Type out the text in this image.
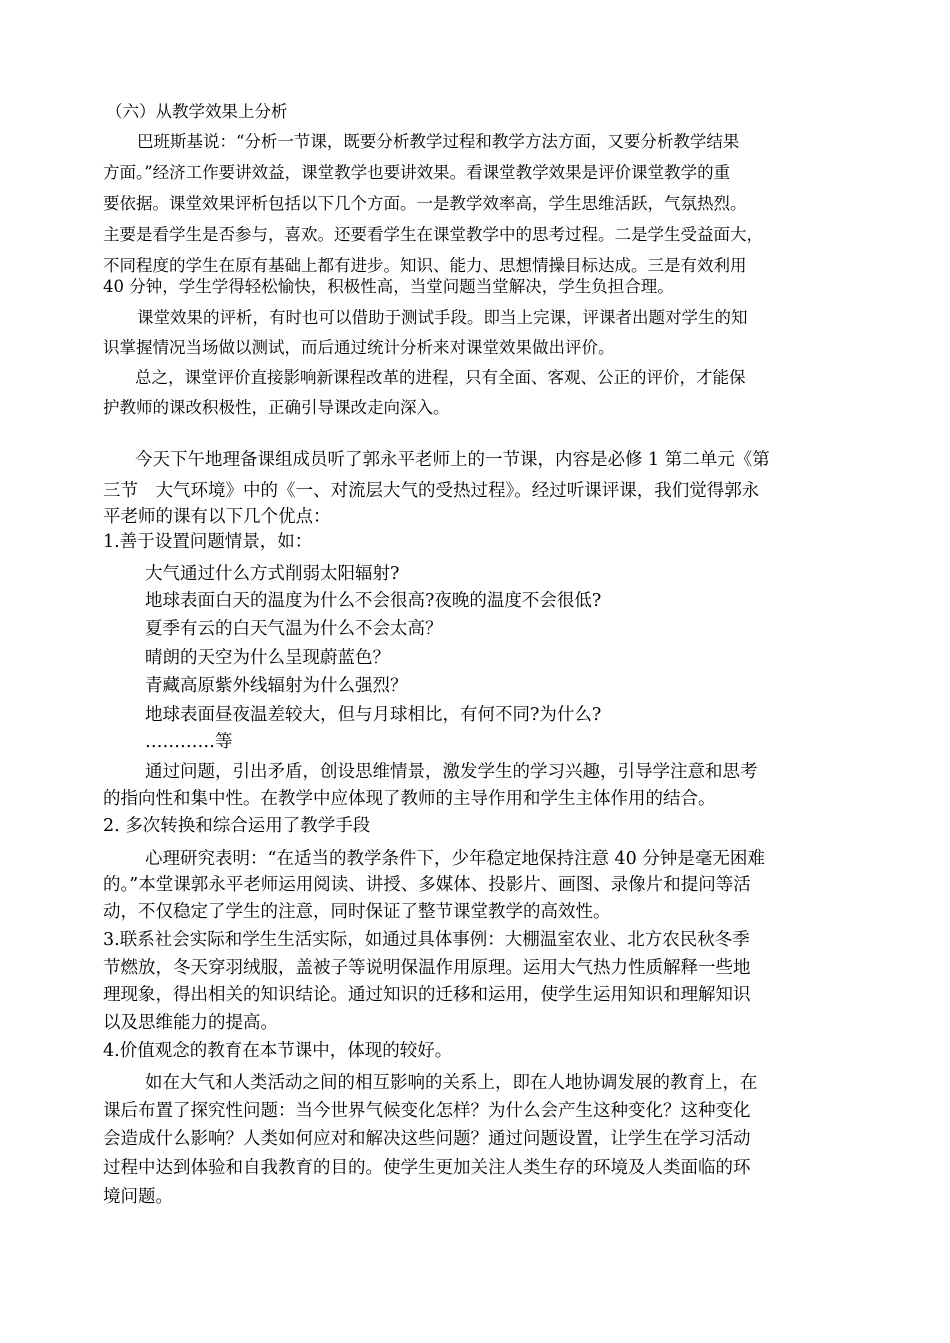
（六）从教学效果上分析
巴班斯基说：“分析一节课，既要分析教学过程和教学方法方面，又要分析教学结果
方面。”经济工作要讲效益，课堂教学也要讲效果。看课堂教学效果是评价课堂教学的重
要依据。课堂效果评析包括以下几个方面。一是教学效率高，学生思维活跃，气氛热烈。
主要是看学生是否参与，喜欢。还要看学生在课堂教学中的思考过程。二是学生受益面大，
不同程度的学生在原有基础上都有进步。知识、能力、思想情操目标达成。三是有效利用
40 分钟，学生学得轻松愉快，积极性高，当堂问题当堂解决，学生负担合理。
课堂效果的评析，有时也可以借助于测试手段。即当上完课，评课者出题对学生的知
识掌握情况当场做以测试，而后通过统计分析来对课堂效果做出评价。
总之，课堂评价直接影响新课程改革的进程，只有全面、客观、公正的评价，才能保
护教师的课改积极性，正确引导课改走向深入。
今天下午地理备课组成员听了郭永平老师上的一节课，内容是必修 1 第二单元《第
三节　大气环境》中的《一、对流层大气的受热过程》。经过听课评课，我们觉得郭永
平老师的课有以下几个优点：
1.善于设置问题情景，如：
大气通过什么方式削弱太阳辐射?
地球表面白天的温度为什么不会很高?夜晚的温度不会很低?
夏季有云的白天气温为什么不会太高？
晴朗的天空为什么呈现蔚蓝色？
青藏高原紫外线辐射为什么强烈？
地球表面昼夜温差较大，但与月球相比，有何不同?为什么?
…………等
通过问题，引出矛盾，创设思维情景，激发学生的学习兴趣，引导学注意和思考
的指向性和集中性。在教学中应体现了教师的主导作用和学生主体作用的结合。
2. 多次转换和综合运用了教学手段
心理研究表明：“在适当的教学条件下，少年稳定地保持注意 40 分钟是毫无困难
的。”本堂课郭永平老师运用阅读、讲授、多媒体、投影片、画图、录像片和提问等活
动，不仅稳定了学生的注意，同时保证了整节课堂教学的高效性。
3.联系社会实际和学生生活实际，如通过具体事例：大棚温室农业、北方农民秋冬季
节燃放，冬天穿羽绒服，盖被子等说明保温作用原理。运用大气热力性质解释一些地
理现象，得出相关的知识结论。通过知识的迁移和运用，使学生运用知识和理解知识
以及思维能力的提高。
4.价值观念的教育在本节课中，体现的较好。
如在大气和人类活动之间的相互影响的关系上，即在人地协调发展的教育上，在
课后布置了探究性问题：当今世界气候变化怎样？为什么会产生这种变化？这种变化
会造成什么影响？人类如何应对和解决这些问题？通过问题设置，让学生在学习活动
过程中达到体验和自我教育的目的。使学生更加关注人类生存的环境及人类面临的环
境问题。
